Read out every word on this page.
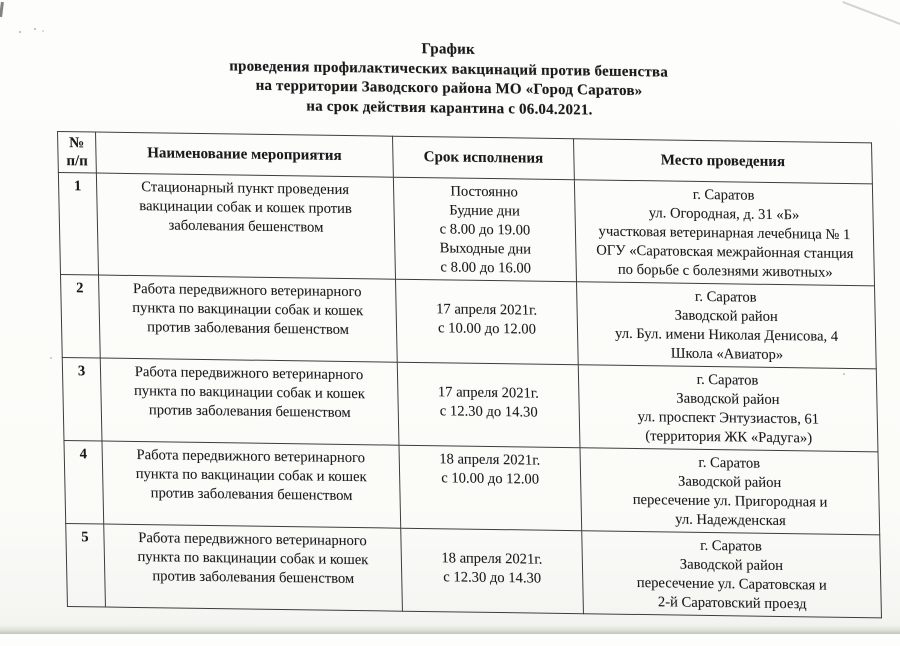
График
проведения профилактических вакцинаций против бешенства
на территории Заводского района МО «Город Саратов»
на срок действия карантина с 06.04.2021.
№
п/п	Наименование мероприятия	Срок исполнения	Место проведения
1	Стационарный пункт проведения
вакцинации собак и кошек против
заболевания бешенством	Постоянно
Будние дни
с 8.00 до 19.00
Выходные дни
с 8.00 до 16.00	г. Саратов
ул. Огородная, д. 31 «Б»
участковая ветеринарная лечебница № 1
ОГУ «Саратовская межрайонная станция
по борьбе с болезнями животных»
2	Работа передвижного ветеринарного
пункта по вакцинации собак и кошек
против заболевания бешенством	17 апреля 2021г.
с 10.00 до 12.00	г. Саратов
Заводской район
ул. Бул. имени Николая Денисова, 4
Школа «Авиатор»
3	Работа передвижного ветеринарного
пункта по вакцинации собак и кошек
против заболевания бешенством	17 апреля 2021г.
с 12.30 до 14.30	г. Саратов
Заводской район
ул. проспект Энтузиастов, 61
(территория ЖК «Радуга»)
4	Работа передвижного ветеринарного
пункта по вакцинации собак и кошек
против заболевания бешенством	18 апреля 2021г.
с 10.00 до 12.00	г. Саратов
Заводской район
пересечение ул. Пригородная и
ул. Надежденская
5	Работа передвижного ветеринарного
пункта по вакцинации собак и кошек
против заболевания бешенством	18 апреля 2021г.
с 12.30 до 14.30	г. Саратов
Заводской район
пересечение ул. Саратовская и
2-й Саратовский проезд
